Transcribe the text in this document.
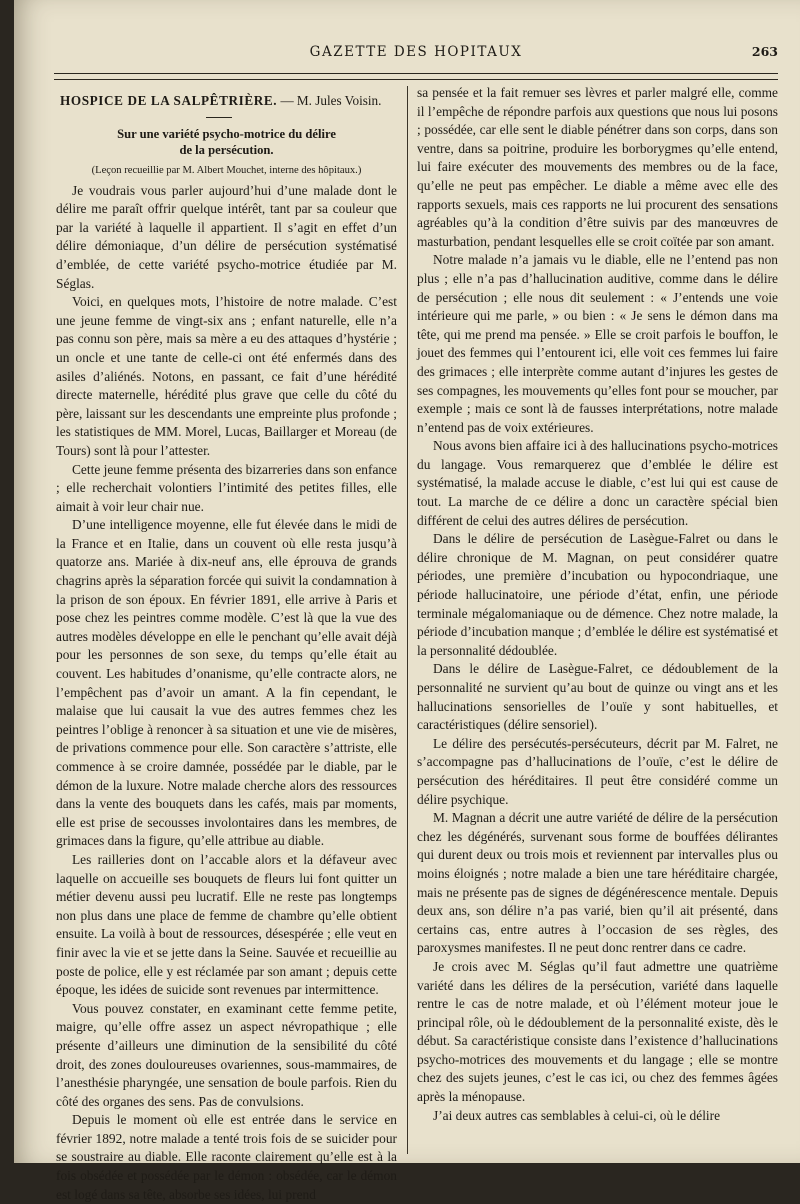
GAZETTE DES HOPITAUX	263
HOSPICE DE LA SALPÊTRIÈRE. — M. Jules Voisin.
Sur une variété psycho-motrice du délire
de la persécution.
(Leçon recueillie par M. Albert Mouchet, interne des hôpitaux.)

Je voudrais vous parler aujourd’hui d’une malade dont le délire me paraît offrir quelque intérêt, tant par sa couleur que par la variété à laquelle il appartient. Il s’agit en effet d’un délire démoniaque, d’un délire de persécution systématisé d’emblée, de cette variété psycho-motrice étudiée par M. Séglas.

Voici, en quelques mots, l’histoire de notre malade. C’est une jeune femme de vingt-six ans ; enfant naturelle, elle n’a pas connu son père, mais sa mère a eu des attaques d’hystérie ; un oncle et une tante de celle-ci ont été enfermés dans des asiles d’aliénés. Notons, en passant, ce fait d’une hérédité directe maternelle, hérédité plus grave que celle du côté du père, laissant sur les descendants une empreinte plus profonde ; les statistiques de MM. Morel, Lucas, Baillarger et Moreau (de Tours) sont là pour l’attester.

Cette jeune femme présenta des bizarreries dans son enfance ; elle recherchait volontiers l’intimité des petites filles, elle aimait à voir leur chair nue.

D’une intelligence moyenne, elle fut élevée dans le midi de la France et en Italie, dans un couvent où elle resta jusqu’à quatorze ans. Mariée à dix-neuf ans, elle éprouva de grands chagrins après la séparation forcée qui suivit la condamnation à la prison de son époux. En février 1891, elle arrive à Paris et pose chez les peintres comme modèle. C’est là que la vue des autres modèles développe en elle le penchant qu’elle avait déjà pour les personnes de son sexe, du temps qu’elle était au couvent. Les habitudes d’onanisme, qu’elle contracte alors, ne l’empêchent pas d’avoir un amant. A la fin cependant, le malaise que lui causait la vue des autres femmes chez les peintres l’oblige à renoncer à sa situation et une vie de misères, de privations commence pour elle. Son caractère s’attriste, elle commence à se croire damnée, possédée par le diable, par le démon de la luxure. Notre malade cherche alors des ressources dans la vente des bouquets dans les cafés, mais par moments, elle est prise de secousses involontaires dans les membres, de grimaces dans la figure, qu’elle attribue au diable.

Les railleries dont on l’accable alors et la défaveur avec laquelle on accueille ses bouquets de fleurs lui font quitter un métier devenu aussi peu lucratif. Elle ne reste pas longtemps non plus dans une place de femme de chambre qu’elle obtient ensuite. La voilà à bout de ressources, désespérée ; elle veut en finir avec la vie et se jette dans la Seine. Sauvée et recueillie au poste de police, elle y est réclamée par son amant ; depuis cette époque, les idées de suicide sont revenues par intermittence.

Vous pouvez constater, en examinant cette femme petite, maigre, qu’elle offre assez un aspect névropathique ; elle présente d’ailleurs une diminution de la sensibilité du côté droit, des zones douloureuses ovariennes, sous-mammaires, de l’anesthésie pharyngée, une sensation de boule parfois. Rien du côté des organes des sens. Pas de convulsions.

Depuis le moment où elle est entrée dans le service en février 1892, notre malade a tenté trois fois de se suicider pour se soustraire au diable. Elle raconte clairement qu’elle est à la fois obsédée et possédée par le démon : obsédée, car le démon est logé dans sa tête, absorbe ses idées, lui prend

sa pensée et la fait remuer ses lèvres et parler malgré elle, comme il l’empêche de répondre parfois aux questions que nous lui posons ; possédée, car elle sent le diable pénétrer dans son corps, dans son ventre, dans sa poitrine, produire les borborygmes qu’elle entend, lui faire exécuter des mouvements des membres ou de la face, qu’elle ne peut pas empêcher. Le diable a même avec elle des rapports sexuels, mais ces rapports ne lui procurent des sensations agréables qu’à la condition d’être suivis par des manœuvres de masturbation, pendant lesquelles elle se croit coïtée par son amant.

Notre malade n’a jamais vu le diable, elle ne l’entend pas non plus ; elle n’a pas d’hallucination auditive, comme dans le délire de persécution ; elle nous dit seulement : « J’entends une voie intérieure qui me parle, » ou bien : « Je sens le démon dans ma tête, qui me prend ma pensée. » Elle se croit parfois le bouffon, le jouet des femmes qui l’entourent ici, elle voit ces femmes lui faire des grimaces ; elle interprète comme autant d’injures les gestes de ses compagnes, les mouvements qu’elles font pour se moucher, par exemple ; mais ce sont là de fausses interprétations, notre malade n’entend pas de voix extérieures.

Nous avons bien affaire ici à des hallucinations psycho-motrices du langage. Vous remarquerez que d’emblée le délire est systématisé, la malade accuse le diable, c’est lui qui est cause de tout. La marche de ce délire a donc un caractère spécial bien différent de celui des autres délires de persécution.

Dans le délire de persécution de Lasègue-Falret ou dans le délire chronique de M. Magnan, on peut considérer quatre périodes, une première d’incubation ou hypocondriaque, une période hallucinatoire, une période d’état, enfin, une période terminale mégalomaniaque ou de démence. Chez notre malade, la période d’incubation manque ; d’emblée le délire est systématisé et la personnalité dédoublée.

Dans le délire de Lasègue-Falret, ce dédoublement de la personnalité ne survient qu’au bout de quinze ou vingt ans et les hallucinations sensorielles de l’ouïe y sont habituelles, et caractéristiques (délire sensoriel).

Le délire des persécutés-persécuteurs, décrit par M. Falret, ne s’accompagne pas d’hallucinations de l’ouïe, c’est le délire de persécution des héréditaires. Il peut être considéré comme un délire psychique.

M. Magnan a décrit une autre variété de délire de la persécution chez les dégénérés, survenant sous forme de bouffées délirantes qui durent deux ou trois mois et reviennent par intervalles plus ou moins éloignés ; notre malade a bien une tare héréditaire chargée, mais ne présente pas de signes de dégénérescence mentale. Depuis deux ans, son délire n’a pas varié, bien qu’il ait présenté, dans certains cas, entre autres à l’occasion de ses règles, des paroxysmes manifestes. Il ne peut donc rentrer dans ce cadre.

Je crois avec M. Séglas qu’il faut admettre une quatrième variété dans les délires de la persécution, variété dans laquelle rentre le cas de notre malade, et où l’élément moteur joue le principal rôle, où le dédoublement de la personnalité existe, dès le début. Sa caractéristique consiste dans l’existence d’hallucinations psycho-motrices des mouvements et du langage ; elle se montre chez des sujets jeunes, c’est le cas ici, ou chez des femmes âgées après la ménopause.

J’ai deux autres cas semblables à celui-ci, où le délire
